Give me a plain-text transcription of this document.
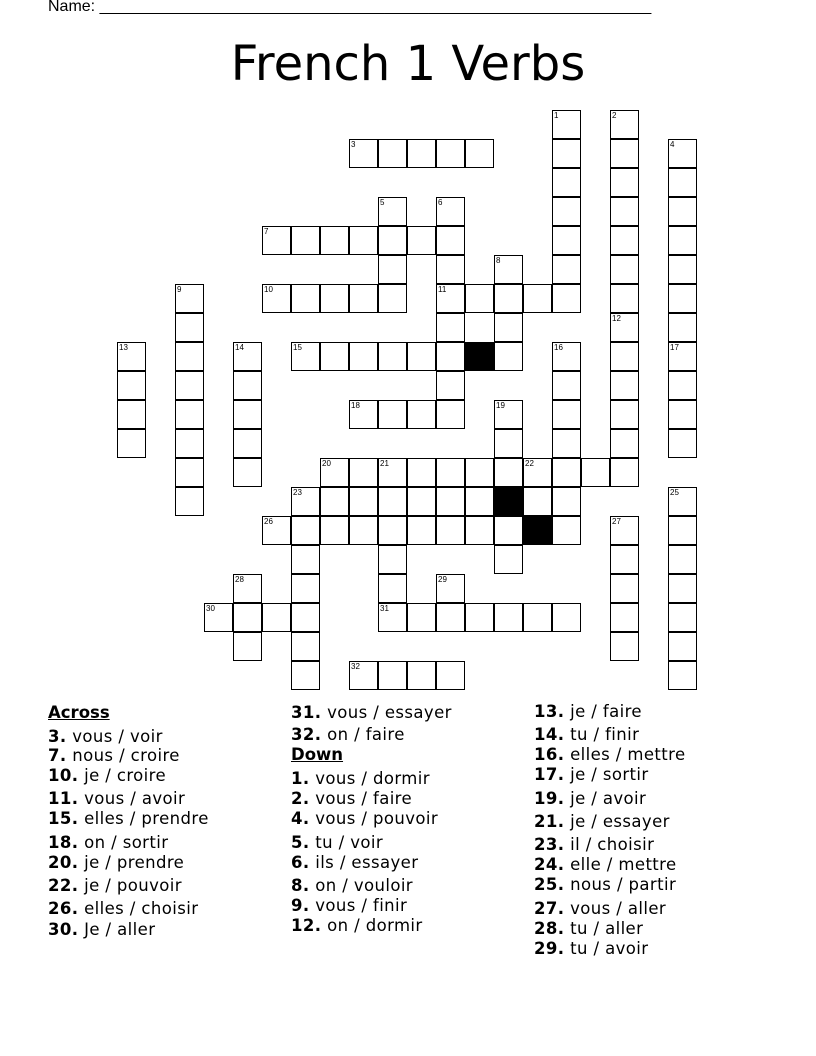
Name: ______________________________________________________________
French 1 Verbs
3
7
10	11
15
18
20	21	22
23
26
30	31
32
1	2
4
5	6
8
9
12
13	14	16	17
19
25
27
28	29
Across
3. vous / voir
7. nous / croire
10. je / croire
11. vous / avoir
15. elles / prendre
18. on / sortir
20. je / prendre
22. je / pouvoir
26. elles / choisir
30. Je / aller
31. vous / essayer
32. on / faire
Down
1. vous / dormir
2. vous / faire
4. vous / pouvoir
5. tu / voir
6. ils / essayer
8. on / vouloir
9. vous / finir
12. on / dormir
13. je / faire
14. tu / finir
16. elles / mettre
17. je / sortir
19. je / avoir
21. je / essayer
23. il / choisir
24. elle / mettre
25. nous / partir
27. vous / aller
28. tu / aller
29. tu / avoir
